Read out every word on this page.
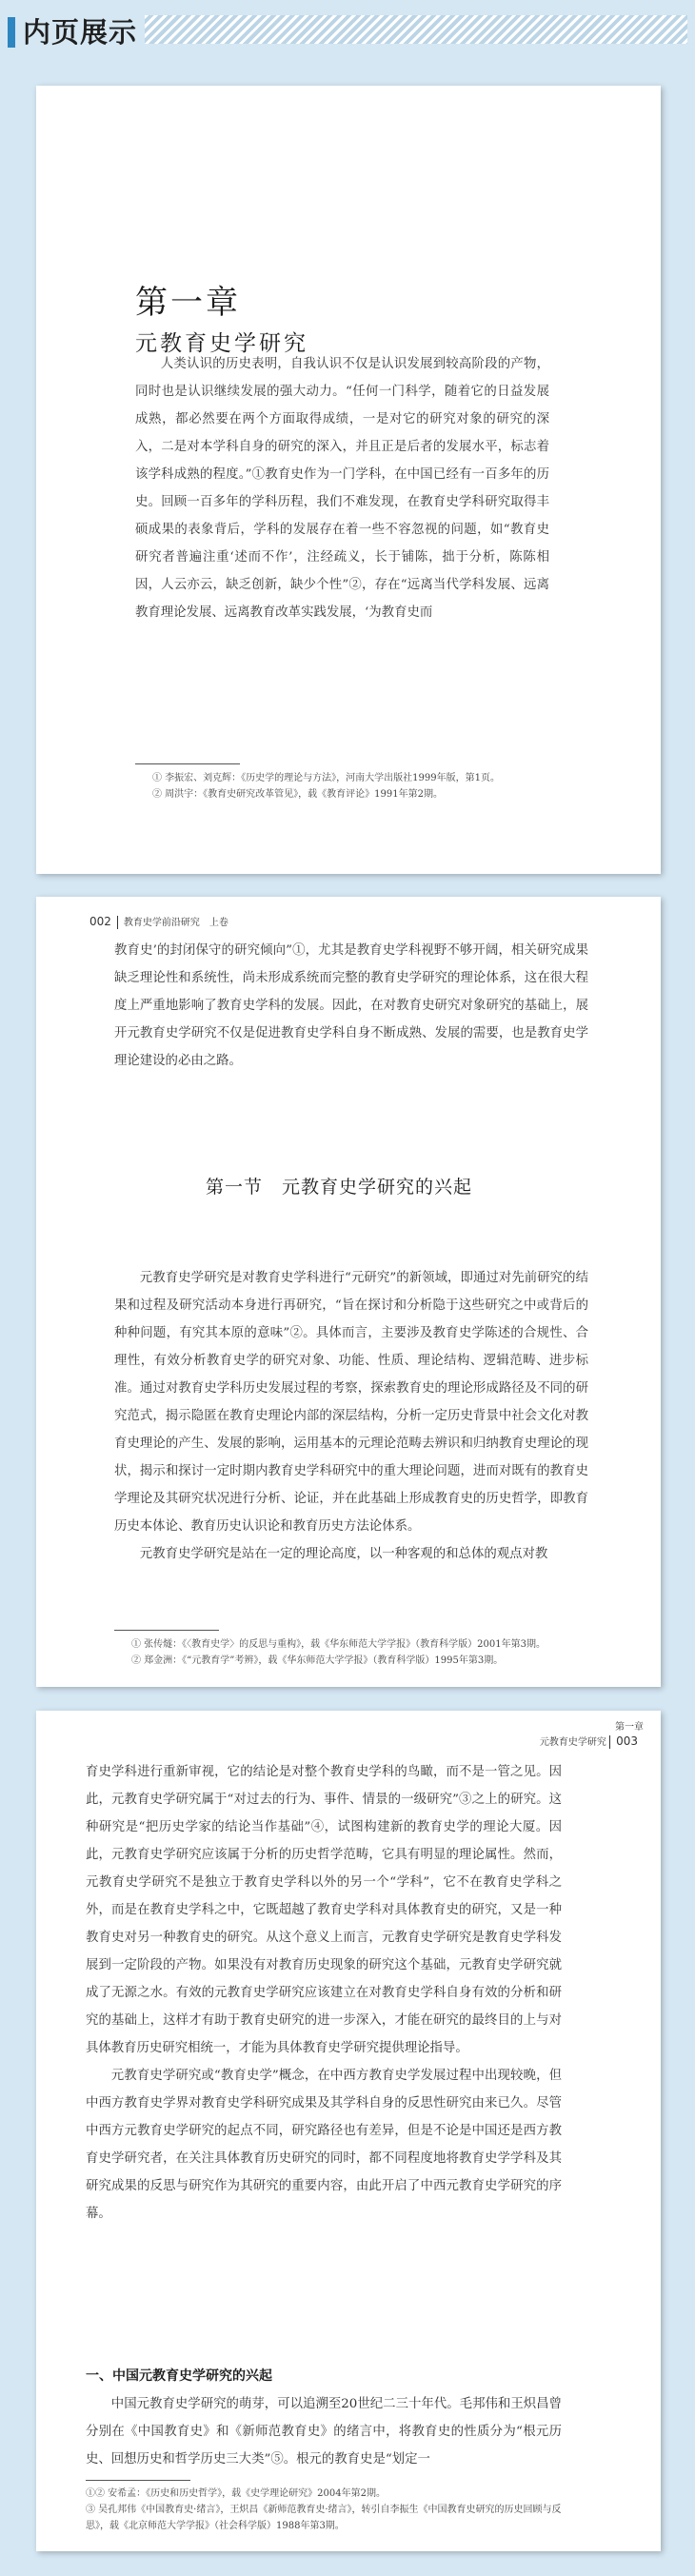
内页展示
第一章
元教育史学研究

人类认识的历史表明，自我认识不仅是认识发展到较高阶段的产物，同时也是认识继续发展的强大动力。“任何一门科学，随着它的日益发展成熟，都必然要在两个方面取得成绩，一是对它的研究对象的研究的深入，二是对本学科自身的研究的深入，并且正是后者的发展水平，标志着该学科成熟的程度。”①教育史作为一门学科，在中国已经有一百多年的历史。回顾一百多年的学科历程，我们不难发现，在教育史学科研究取得丰硕成果的表象背后，学科的发展存在着一些不容忽视的问题，如“教育史研究者普遍注重‘述而不作’，注经疏义，长于铺陈，拙于分析，陈陈相因，人云亦云，缺乏创新，缺少个性”②，存在“远离当代学科发展、远离教育理论发展、远离教育改革实践发展，‘为教育史而

① 李振宏、刘克辉：《历史学的理论与方法》，河南大学出版社1999年版，第1页。

② 周洪宇：《教育史研究改革管见》，载《教育评论》1991年第2期。

002 教育史学前沿研究　上卷

教育史’的封闭保守的研究倾向”①，尤其是教育史学科视野不够开阔，相关研究成果缺乏理论性和系统性，尚未形成系统而完整的教育史学研究的理论体系，这在很大程度上严重地影响了教育史学科的发展。因此，在对教育史研究对象研究的基础上，展开元教育史学研究不仅是促进教育史学科自身不断成熟、发展的需要，也是教育史学理论建设的必由之路。

第一节　元教育史学研究的兴起

元教育史学研究是对教育史学科进行“元研究”的新领域，即通过对先前研究的结果和过程及研究活动本身进行再研究，“旨在探讨和分析隐于这些研究之中或背后的种种问题，有究其本原的意味”②。具体而言，主要涉及教育史学陈述的合规性、合理性，有效分析教育史学的研究对象、功能、性质、理论结构、逻辑范畴、进步标准。通过对教育史学科历史发展过程的考察，探索教育史的理论形成路径及不同的研究范式，揭示隐匿在教育史理论内部的深层结构，分析一定历史背景中社会文化对教育史理论的产生、发展的影响，运用基本的元理论范畴去辨识和归纳教育史理论的现状，揭示和探讨一定时期内教育史学科研究中的重大理论问题，进而对既有的教育史学理论及其研究状况进行分析、论证，并在此基础上形成教育史的历史哲学，即教育历史本体论、教育历史认识论和教育历史方法论体系。

元教育史学研究是站在一定的理论高度，以一种客观的和总体的观点对教

① 张传燧：《〈教育史学〉的反思与重构》，载《华东师范大学学报》（教育科学版）2001年第3期。

② 郑金洲：《“元教育学”考辨》，载《华东师范大学学报》（教育科学版）1995年第3期。

第一章
元教育史学研究 003

育史学科进行重新审视，它的结论是对整个教育史学科的鸟瞰，而不是一管之见。因此，元教育史学研究属于“对过去的行为、事件、情景的一级研究”③之上的研究。这种研究是“把历史学家的结论当作基础”④，试图构建新的教育史学的理论大厦。因此，元教育史学研究应该属于分析的历史哲学范畴，它具有明显的理论属性。然而，元教育史学研究不是独立于教育史学科以外的另一个“学科”，它不在教育史学科之外，而是在教育史学科之中，它既超越了教育史学科对具体教育史的研究，又是一种教育史对另一种教育史的研究。从这个意义上而言，元教育史学研究是教育史学科发展到一定阶段的产物。如果没有对教育历史现象的研究这个基础，元教育史学研究就成了无源之水。有效的元教育史学研究应该建立在对教育史学科自身有效的分析和研究的基础上，这样才有助于教育史研究的进一步深入，才能在研究的最终目的上与对具体教育历史研究相统一，才能为具体教育史学研究提供理论指导。

元教育史学研究或“教育史学”概念，在中西方教育史学发展过程中出现较晚，但中西方教育史学界对教育史学科研究成果及其学科自身的反思性研究由来已久。尽管中西方元教育史学研究的起点不同，研究路径也有差异，但是不论是中国还是西方教育史学研究者，在关注具体教育历史研究的同时，都不同程度地将教育史学学科及其研究成果的反思与研究作为其研究的重要内容，由此开启了中西元教育史学研究的序幕。

一、中国元教育史学研究的兴起

中国元教育史学研究的萌芽，可以追溯至20世纪二三十年代。毛邦伟和王炽昌曾分别在《中国教育史》和《新师范教育史》的绪言中，将教育史的性质分为“根元历史、回想历史和哲学历史三大类”⑤。根元的教育史是“划定一

①② 安希孟：《历史和历史哲学》，载《史学理论研究》2004年第2期。

③ 吴孔邦伟《中国教育史·绪言》，王炽昌《新师范教育史·绪言》，转引自李振生《中国教育史研究的历史回顾与反思》，载《北京师范大学学报》（社会科学版）1988年第3期。
